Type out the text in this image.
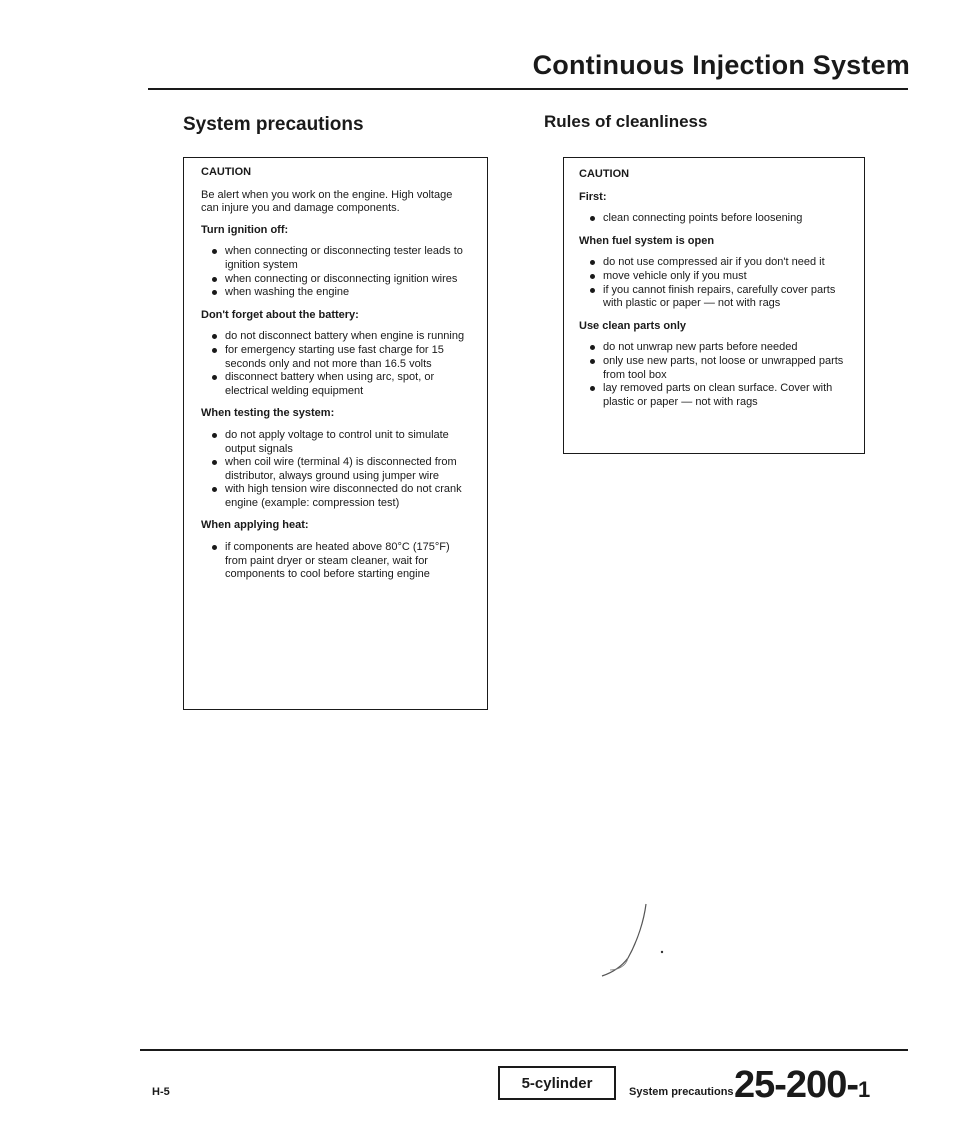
Continuous Injection System
System precautions	Rules of cleanliness
CAUTION
Be alert when you work on the engine. High voltage can injure you and damage components.
Turn ignition off:
when connecting or disconnecting tester leads to ignition system
when connecting or disconnecting ignition wires
when washing the engine
Don't forget about the battery:
do not disconnect battery when engine is running
for emergency starting use fast charge for 15 seconds only and not more than 16.5 volts
disconnect battery when using arc, spot, or electrical welding equipment
When testing the system:
do not apply voltage to control unit to simulate output signals
when coil wire (terminal 4) is disconnected from distributor, always ground using jumper wire
with high tension wire disconnected do not crank engine (example: compression test)
When applying heat:
if components are heated above 80°C (175°F) from paint dryer or steam cleaner, wait for components to cool before starting engine
CAUTION
First:
clean connecting points before loosening
When fuel system is open
do not use compressed air if you don't need it
move vehicle only if you must
if you cannot finish repairs, carefully cover parts with plastic or paper — not with rags
Use clean parts only
do not unwrap new parts before needed
only use new parts, not loose or unwrapped parts from tool box
lay removed parts on clean surface. Cover with plastic or paper — not with rags
H-5
5-cylinder
System precautions 25-200-1
